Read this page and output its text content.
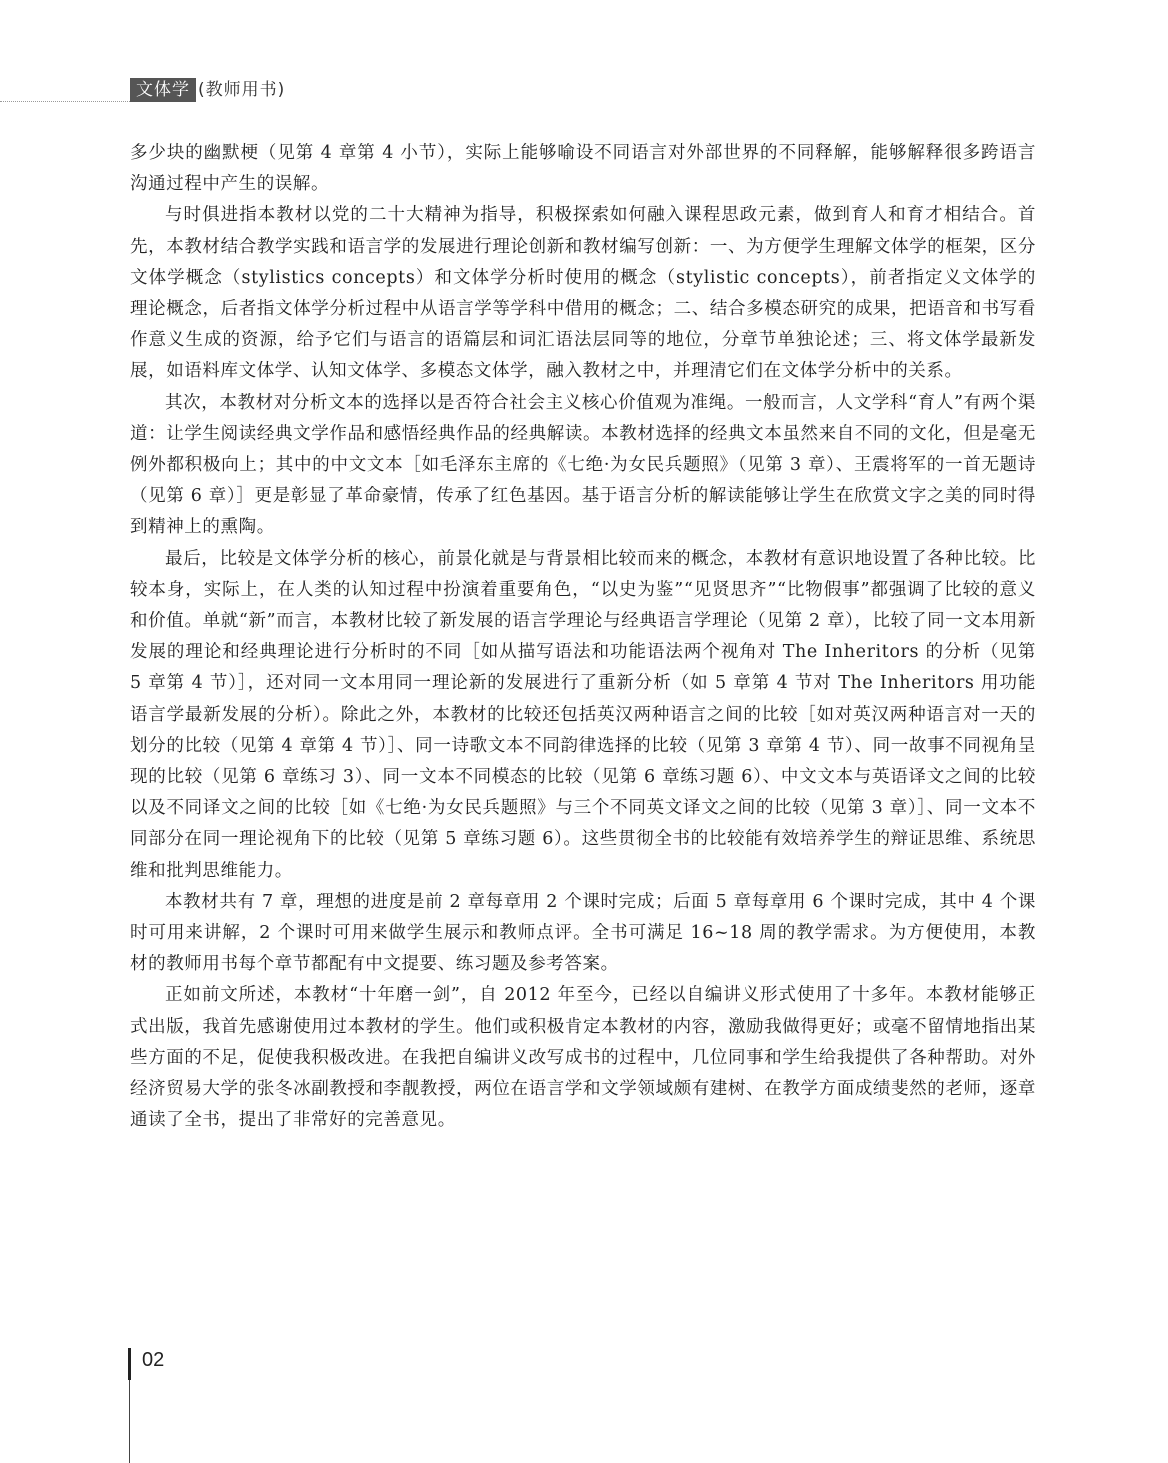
文体学 (教师用书)

多少块的幽默梗（见第 4 章第 4 小节），实际上能够喻设不同语言对外部世界的不同释解，能够解释很多跨语言沟通过程中产生的误解。

与时俱进指本教材以党的二十大精神为指导，积极探索如何融入课程思政元素，做到育人和育才相结合。首先，本教材结合教学实践和语言学的发展进行理论创新和教材编写创新：一、为方便学生理解文体学的框架，区分文体学概念（stylistics concepts）和文体学分析时使用的概念（stylistic concepts），前者指定义文体学的理论概念，后者指文体学分析过程中从语言学等学科中借用的概念；二、结合多模态研究的成果，把语音和书写看作意义生成的资源，给予它们与语言的语篇层和词汇语法层同等的地位，分章节单独论述；三、将文体学最新发展，如语料库文体学、认知文体学、多模态文体学，融入教材之中，并理清它们在文体学分析中的关系。

其次，本教材对分析文本的选择以是否符合社会主义核心价值观为准绳。一般而言，人文学科“育人”有两个渠道：让学生阅读经典文学作品和感悟经典作品的经典解读。本教材选择的经典文本虽然来自不同的文化，但是毫无例外都积极向上；其中的中文文本［如毛泽东主席的《七绝·为女民兵题照》（见第 3 章）、王震将军的一首无题诗（见第 6 章）］更是彰显了革命豪情，传承了红色基因。基于语言分析的解读能够让学生在欣赏文字之美的同时得到精神上的熏陶。

最后，比较是文体学分析的核心，前景化就是与背景相比较而来的概念，本教材有意识地设置了各种比较。比较本身，实际上，在人类的认知过程中扮演着重要角色，“以史为鉴”“见贤思齐”“比物假事”都强调了比较的意义和价值。单就“新”而言，本教材比较了新发展的语言学理论与经典语言学理论（见第 2 章），比较了同一文本用新发展的理论和经典理论进行分析时的不同［如从描写语法和功能语法两个视角对 The Inheritors 的分析（见第 5 章第 4 节）］，还对同一文本用同一理论新的发展进行了重新分析（如 5 章第 4 节对 The Inheritors 用功能语言学最新发展的分析）。除此之外，本教材的比较还包括英汉两种语言之间的比较［如对英汉两种语言对一天的划分的比较（见第 4 章第 4 节）］、同一诗歌文本不同韵律选择的比较（见第 3 章第 4 节）、同一故事不同视角呈现的比较（见第 6 章练习 3）、同一文本不同模态的比较（见第 6 章练习题 6）、中文文本与英语译文之间的比较以及不同译文之间的比较［如《七绝·为女民兵题照》与三个不同英文译文之间的比较（见第 3 章）］、同一文本不同部分在同一理论视角下的比较（见第 5 章练习题 6）。这些贯彻全书的比较能有效培养学生的辩证思维、系统思维和批判思维能力。

本教材共有 7 章，理想的进度是前 2 章每章用 2 个课时完成；后面 5 章每章用 6 个课时完成，其中 4 个课时可用来讲解，2 个课时可用来做学生展示和教师点评。全书可满足 16~18 周的教学需求。为方便使用，本教材的教师用书每个章节都配有中文提要、练习题及参考答案。

正如前文所述，本教材“十年磨一剑”，自 2012 年至今，已经以自编讲义形式使用了十多年。本教材能够正式出版，我首先感谢使用过本教材的学生。他们或积极肯定本教材的内容，激励我做得更好；或毫不留情地指出某些方面的不足，促使我积极改进。在我把自编讲义改写成书的过程中，几位同事和学生给我提供了各种帮助。对外经济贸易大学的张冬冰副教授和李靓教授，两位在语言学和文学领域颇有建树、在教学方面成绩斐然的老师，逐章通读了全书，提出了非常好的完善意见。

02
